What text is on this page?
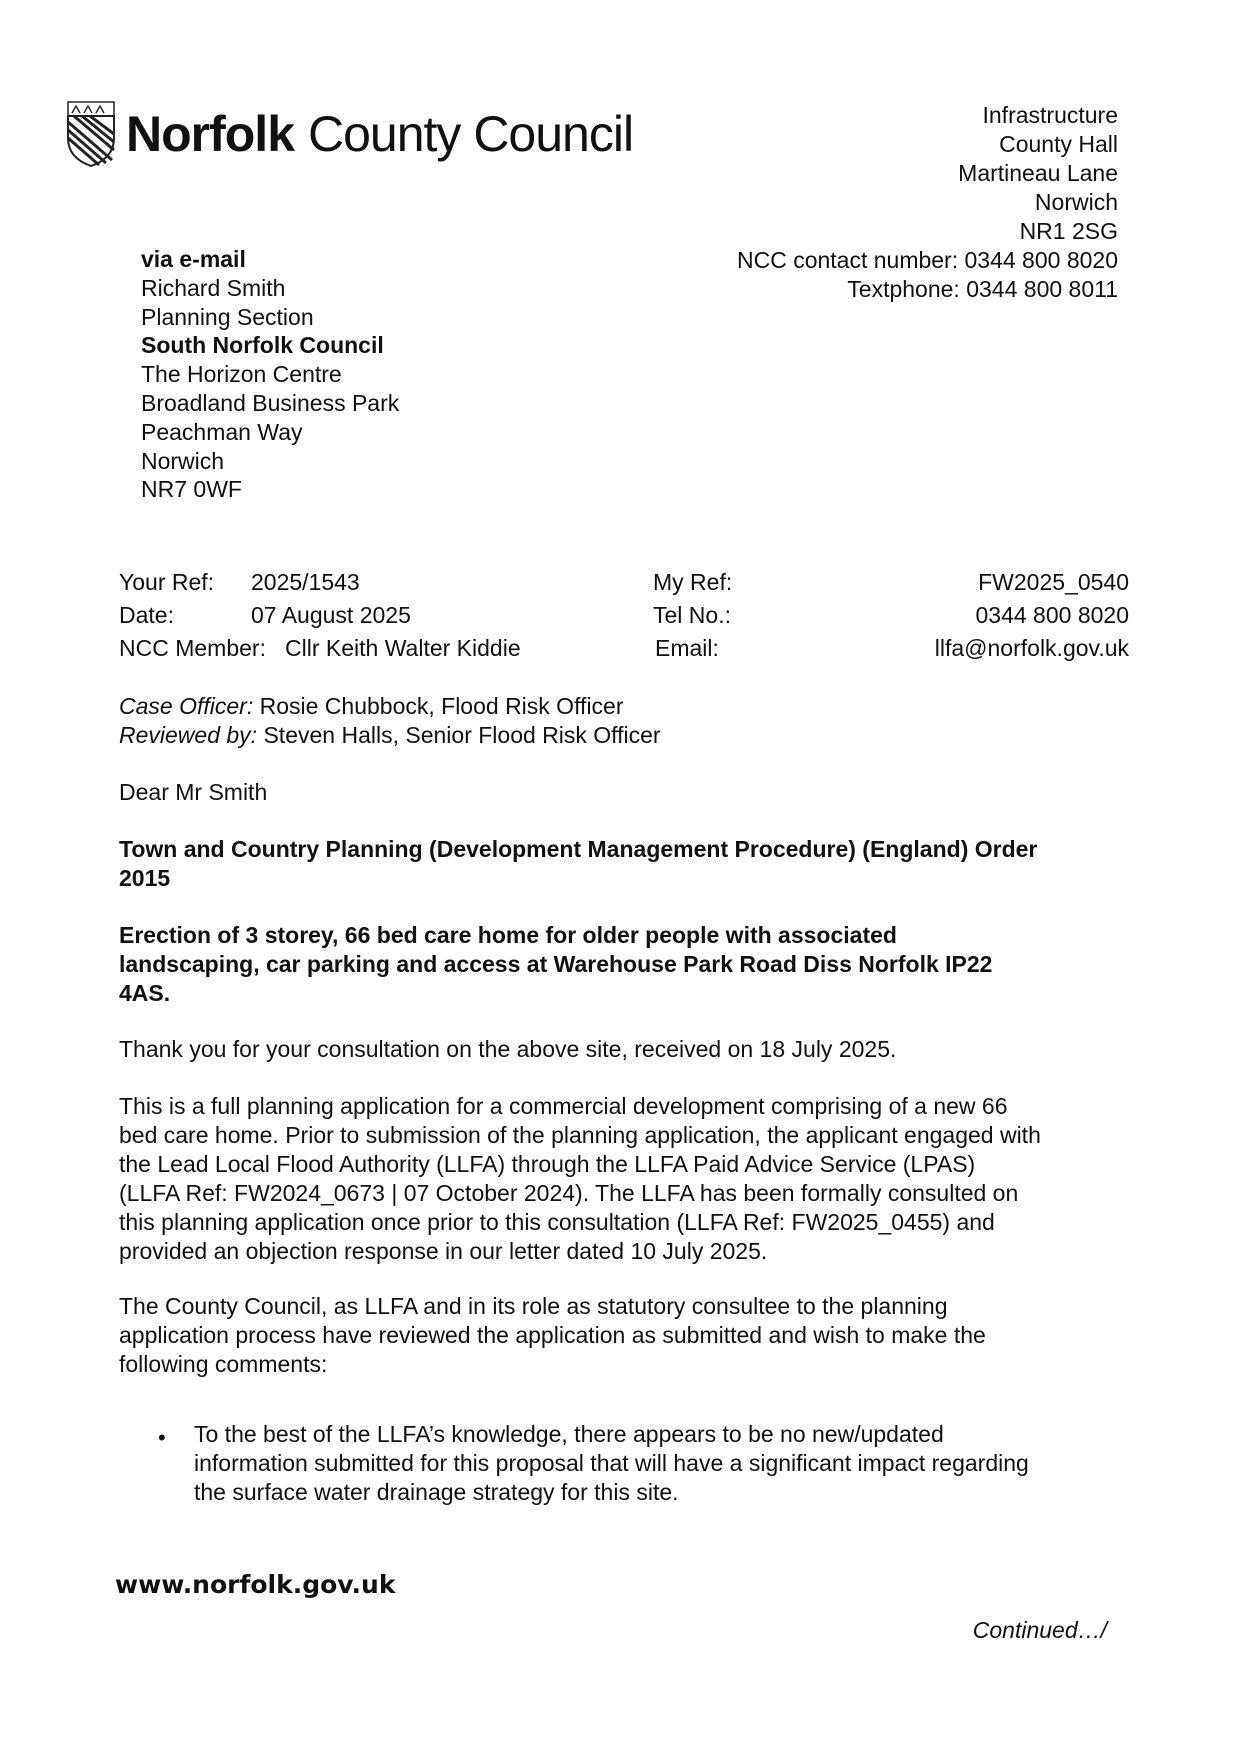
Norfolk County Council	Infrastructure
County Hall
Martineau Lane
Norwich
NR1 2SG
NCC contact number: 0344 800 8020
Textphone: 0344 800 8011
via e-mail
Richard Smith
Planning Section
South Norfolk Council
The Horizon Centre
Broadland Business Park
Peachman Way
Norwich
NR7 0WF
Your Ref: 2025/1543	My Ref:	FW2025_0540
Date:	07 August 2025	Tel No.:	0344 800 8020
NCC Member: Cllr Keith Walter Kiddie	Email:	llfa@norfolk.gov.uk
Case Officer: Rosie Chubbock, Flood Risk Officer
Reviewed by: Steven Halls, Senior Flood Risk Officer
Dear Mr Smith
Town and Country Planning (Development Management Procedure) (England) Order
2015
Erection of 3 storey, 66 bed care home for older people with associated
landscaping, car parking and access at Warehouse Park Road Diss Norfolk IP22
4AS.
Thank you for your consultation on the above site, received on 18 July 2025.
This is a full planning application for a commercial development comprising of a new 66
bed care home. Prior to submission of the planning application, the applicant engaged with
the Lead Local Flood Authority (LLFA) through the LLFA Paid Advice Service (LPAS)
(LLFA Ref: FW2024_0673 | 07 October 2024). The LLFA has been formally consulted on
this planning application once prior to this consultation (LLFA Ref: FW2025_0455) and
provided an objection response in our letter dated 10 July 2025.
The County Council, as LLFA and in its role as statutory consultee to the planning
application process have reviewed the application as submitted and wish to make the
following comments:
• To the best of the LLFA’s knowledge, there appears to be no new/updated
information submitted for this proposal that will have a significant impact regarding
the surface water drainage strategy for this site.
www.norfolk.gov.uk
Continued…/
